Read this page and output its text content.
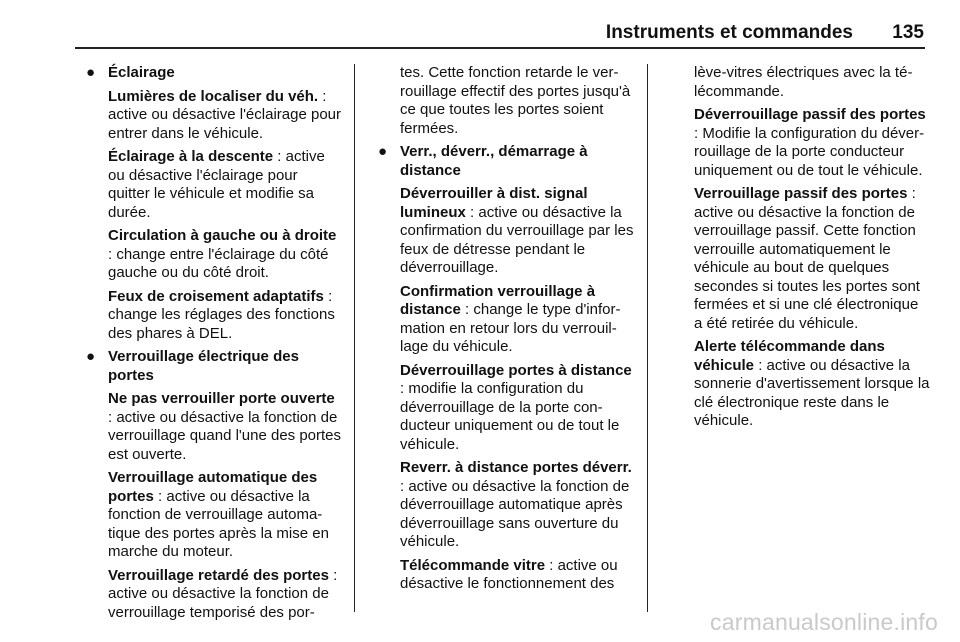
Instruments et commandes 135
● Éclairage

Lumières de localiser du véh. : active ou désactive l'éclairage pour entrer dans le véhicule.

Éclairage à la descente : active ou désactive l'éclairage pour quitter le véhicule et modifie sa durée.

Circulation à gauche ou à droite : change entre l'éclairage du côté gauche ou du côté droit.

Feux de croisement adaptatifs : change les réglages des fonctions des phares à DEL.

● Verrouillage électrique des portes

Ne pas verrouiller porte ouverte : active ou désactive la fonction de verrouillage quand l'une des portes est ouverte.

Verrouillage automatique des portes : active ou désactive la fonction de verrouillage automatique des portes après la mise en marche du moteur.

Verrouillage retardé des portes : active ou désactive la fonction de verrouillage temporisé des por-

tes. Cette fonction retarde le verrouillage effectif des portes jusqu'à ce que toutes les portes soient fermées.

● Verr., déverr., démarrage à distance

Déverrouiller à dist. signal lumineux : active ou désactive la confirmation du verrouillage par les feux de détresse pendant le déverrouillage.

Confirmation verrouillage à distance : change le type d'information en retour lors du verrouillage du véhicule.

Déverrouillage portes à distance : modifie la configuration du déverrouillage de la porte conducteur uniquement ou de tout le véhicule.

Reverr. à distance portes déverr. : active ou désactive la fonction de déverrouillage automatique après déverrouillage sans ouverture du véhicule.

Télécommande vitre : active ou désactive le fonctionnement des

lève-vitres électriques avec la télécommande.

Déverrouillage passif des portes : Modifie la configuration du déverrouillage de la porte conducteur uniquement ou de tout le véhicule.

Verrouillage passif des portes : active ou désactive la fonction de verrouillage passif. Cette fonction verrouille automatiquement le véhicule au bout de quelques secondes si toutes les portes sont fermées et si une clé électronique a été retirée du véhicule.

Alerte télécommande dans véhicule : active ou désactive la sonnerie d'avertissement lorsque la clé électronique reste dans le véhicule.

carmanualsonline.info
